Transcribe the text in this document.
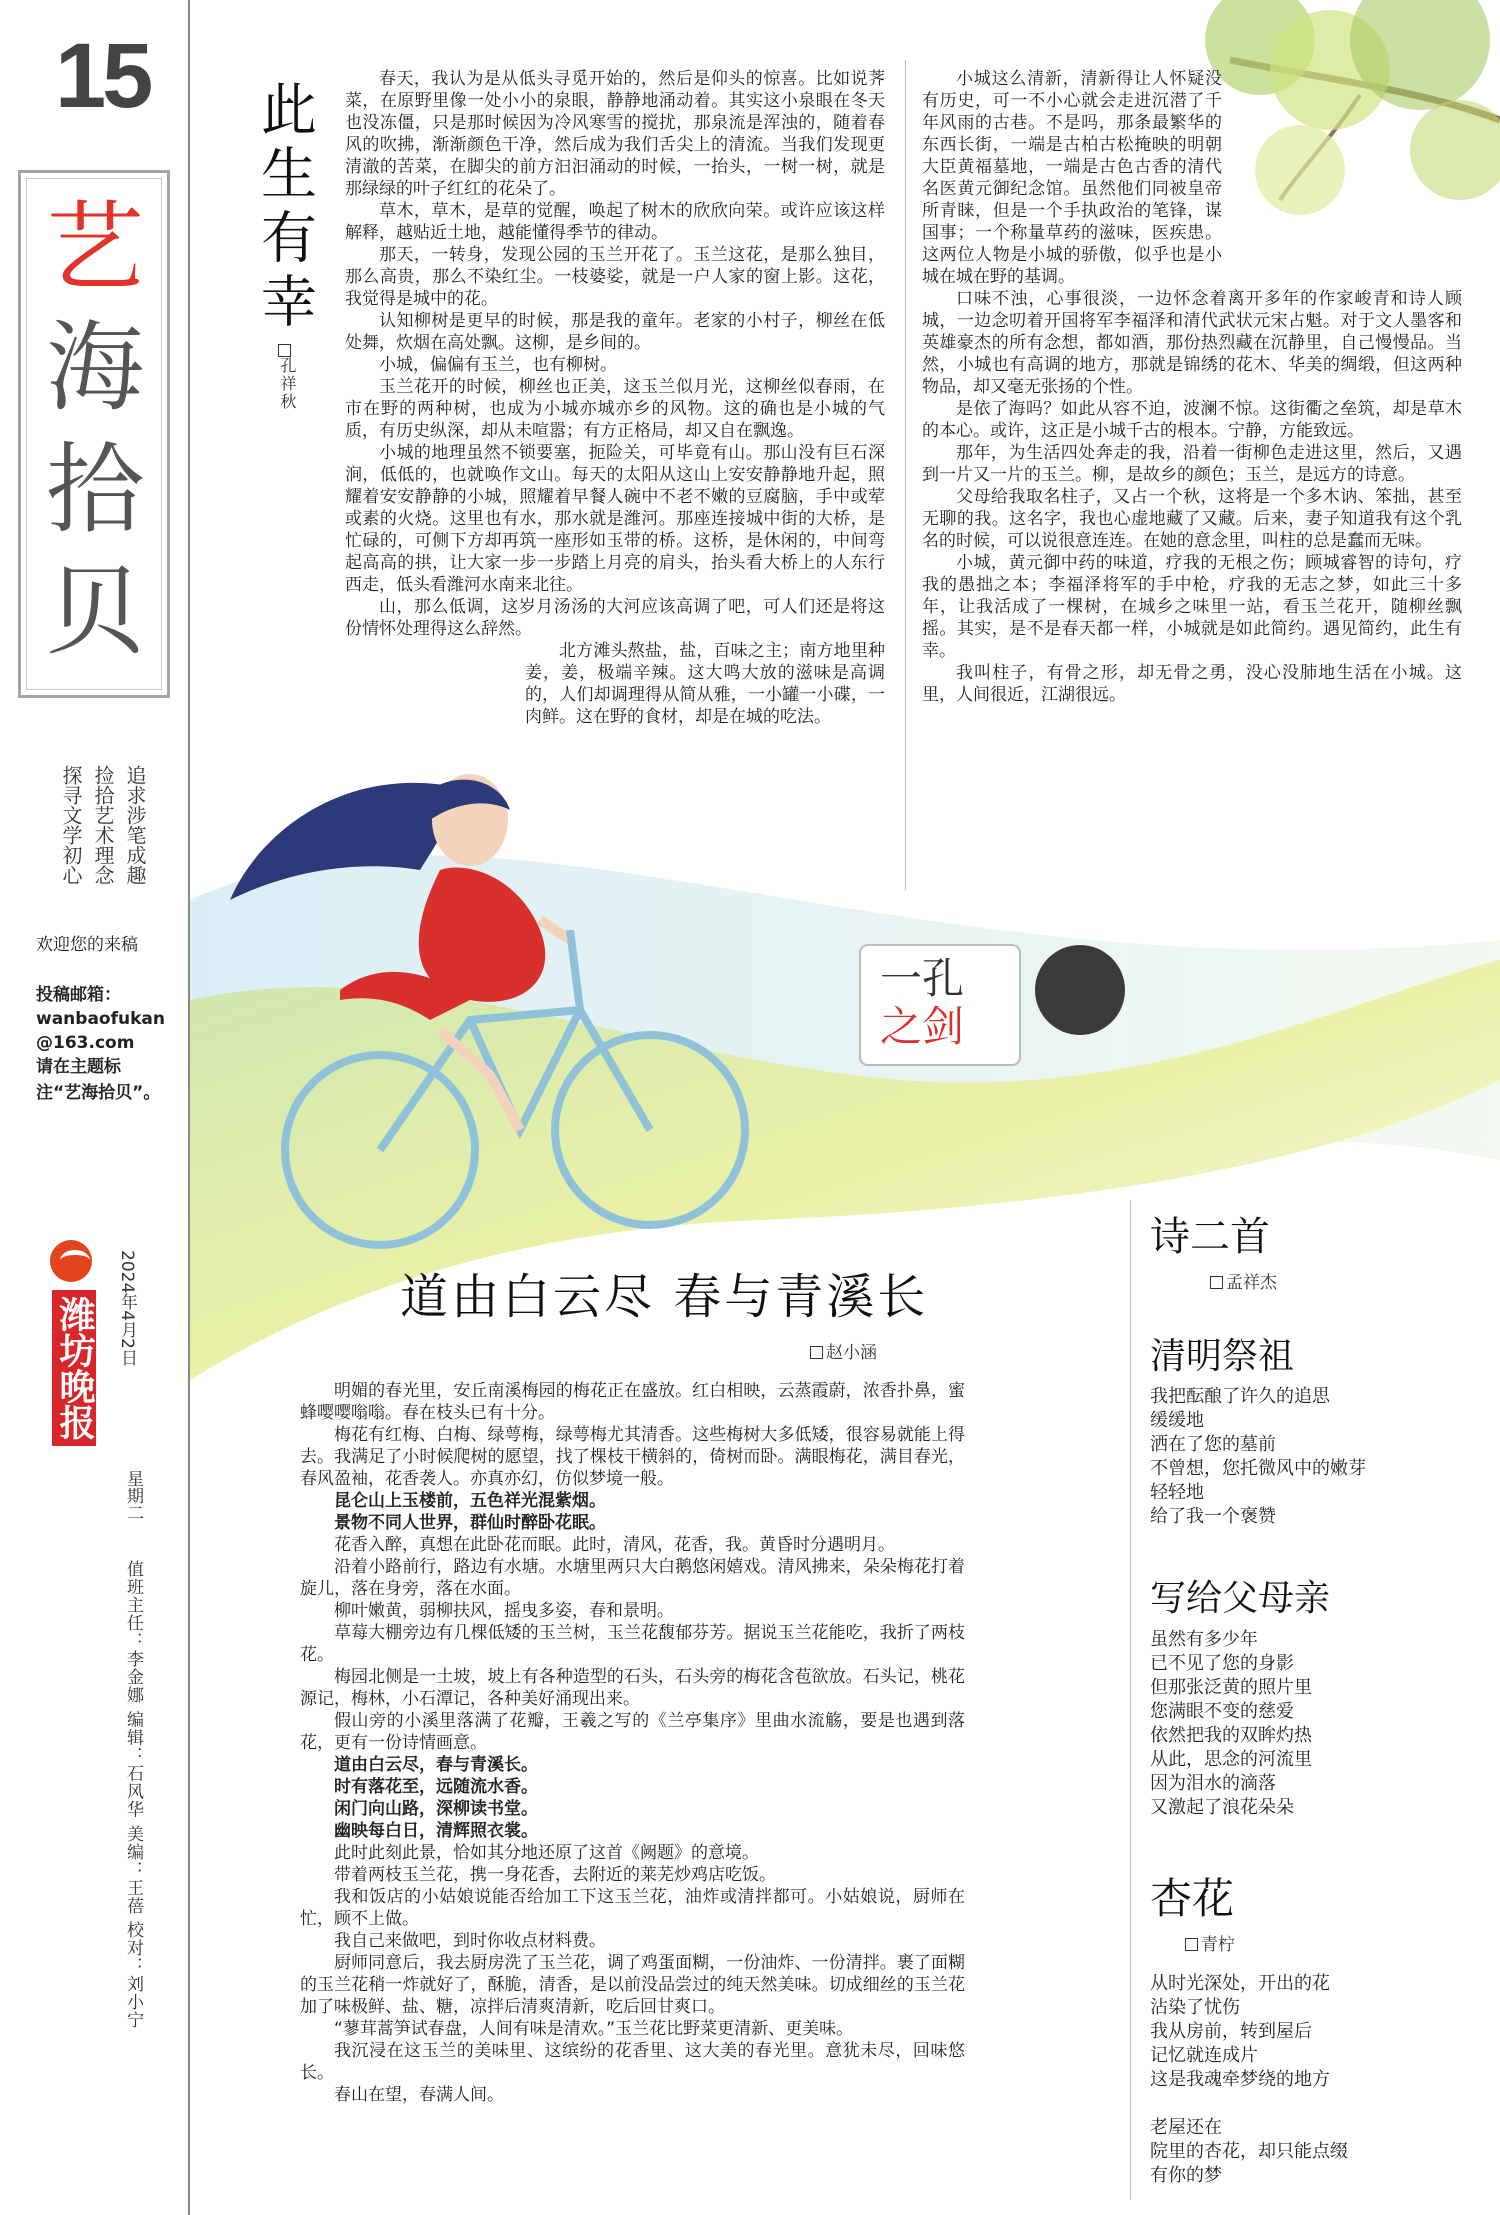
15
艺
海
拾
贝
追求涉笔成趣
捡拾艺术理念
探寻文学初心
欢迎您的来稿
投稿邮箱：
wanbaofukan
@163.com
请在主题标注“艺海拾贝”。
潍坊晚报 2024年4月2日
星期二
值班主任：李金娜 编辑：石风华 美编：王蓓 校对：刘小宁
此生有幸
孔祥秋

春天，我认为是从低头寻觅开始的，然后是仰头的惊喜。比如说荠菜，在原野里像一处小小的泉眼，静静地涌动着。其实这小泉眼在冬天也没冻僵，只是那时候因为冷风寒雪的搅扰，那泉流是浑浊的，随着春风的吹拂，渐渐颜色干净，然后成为我们舌尖上的清流。当我们发现更清澈的苦菜，在脚尖的前方汩汩涌动的时候，一抬头，一树一树，就是那绿绿的叶子红红的花朵了。

草木，草木，是草的觉醒，唤起了树木的欣欣向荣。或许应该这样解释，越贴近土地，越能懂得季节的律动。

那天，一转身，发现公园的玉兰开花了。玉兰这花，是那么独目，那么高贵，那么不染红尘。一枝婆娑，就是一户人家的窗上影。这花，我觉得是城中的花。

认知柳树是更早的时候，那是我的童年。老家的小村子，柳丝在低处舞，炊烟在高处飘。这柳，是乡间的。

小城，偏偏有玉兰，也有柳树。

玉兰花开的时候，柳丝也正美，这玉兰似月光，这柳丝似春雨，在市在野的两种树，也成为小城亦城亦乡的风物。这的确也是小城的气质，有历史纵深，却从未喧嚣；有方正格局，却又自在飘逸。

小城的地理虽然不锁要塞，扼险关，可毕竟有山。那山没有巨石深涧，低低的，也就唤作文山。每天的太阳从这山上安安静静地升起，照耀着安安静静的小城，照耀着早餐人碗中不老不嫩的豆腐脑，手中或荤或素的火烧。这里也有水，那水就是潍河。那座连接城中街的大桥，是忙碌的，可侧下方却再筑一座形如玉带的桥。这桥，是休闲的，中间弯起高高的拱，让大家一步一步踏上月亮的肩头，抬头看大桥上的人东行西走，低头看潍河水南来北往。

山，那么低调，这岁月汤汤的大河应该高调了吧，可人们还是将这份情怀处理得这么辞然。

北方滩头熬盐，盐，百味之主；南方地里种姜，姜，极端辛辣。这大鸣大放的滋味是高调的，人们却调理得从简从雅，一小罐一小碟，一肉鲜。这在野的食材，却是在城的吃法。

小城这么清新，清新得让人怀疑没有历史，可一不小心就会走进沉潜了千年风雨的古巷。不是吗，那条最繁华的东西长街，一端是古柏古松掩映的明朝大臣黄福墓地，一端是古色古香的清代名医黄元御纪念馆。虽然他们同被皇帝所青睐，但是一个手执政治的笔锋，谋国事；一个称量草药的滋味，医疾患。这两位人物是小城的骄傲，似乎也是小城在城在野的基调。

口味不浊，心事很淡，一边怀念着离开多年的作家峻青和诗人顾城，一边念叨着开国将军李福泽和清代武状元宋占魁。对于文人墨客和英雄豪杰的所有念想，都如酒，那份热烈藏在沉静里，自己慢慢品。当然，小城也有高调的地方，那就是锦绣的花木、华美的绸缎，但这两种物品，却又毫无张扬的个性。

是依了海吗？如此从容不迫，波澜不惊。这街衢之垒筑，却是草木的本心。或许，这正是小城千古的根本。宁静，方能致远。

那年，为生活四处奔走的我，沿着一街柳色走进这里，然后，又遇到一片又一片的玉兰。柳，是故乡的颜色；玉兰，是远方的诗意。

父母给我取名柱子，又占一个秋，这将是一个多木讷、笨拙，甚至无聊的我。这名字，我也心虚地藏了又藏。后来，妻子知道我有这个乳名的时候，可以说很意连连。在她的意念里，叫柱的总是蠢而无味。

小城，黄元御中药的味道，疗我的无根之伤；顾城睿智的诗句，疗我的愚拙之本；李福泽将军的手中枪，疗我的无志之梦，如此三十多年，让我活成了一棵树，在城乡之味里一站，看玉兰花开，随柳丝飘摇。其实，是不是春天都一样，小城就是如此简约。遇见简约，此生有幸。

我叫柱子，有骨之形，却无骨之勇，没心没肺地生活在小城。这里，人间很近，江湖很远。

一孔
之剑
道由白云尽 春与青溪长
赵小涵

明媚的春光里，安丘南溪梅园的梅花正在盛放。红白相映，云蒸霞蔚，浓香扑鼻，蜜蜂嘤嘤嗡嗡。春在枝头已有十分。

梅花有红梅、白梅、绿萼梅，绿萼梅尤其清香。这些梅树大多低矮，很容易就能上得去。我满足了小时候爬树的愿望，找了棵枝干横斜的，倚树而卧。满眼梅花，满目春光，春风盈袖，花香袭人。亦真亦幻，仿似梦境一般。

昆仑山上玉楼前，五色祥光混紫烟。

景物不同人世界，群仙时醉卧花眠。

花香入醉，真想在此卧花而眠。此时，清风，花香，我。黄昏时分遇明月。

沿着小路前行，路边有水塘。水塘里两只大白鹅悠闲嬉戏。清风拂来，朵朵梅花打着旋儿，落在身旁，落在水面。

柳叶嫩黄，弱柳扶风，摇曳多姿，春和景明。

草莓大棚旁边有几棵低矮的玉兰树，玉兰花馥郁芬芳。据说玉兰花能吃，我折了两枝花。

梅园北侧是一土坡，坡上有各种造型的石头，石头旁的梅花含苞欲放。石头记，桃花源记，梅林，小石潭记，各种美好涌现出来。

假山旁的小溪里落满了花瓣，王羲之写的《兰亭集序》里曲水流觞，要是也遇到落花，更有一份诗情画意。

道由白云尽，春与青溪长。

时有落花至，远随流水香。

闲门向山路，深柳读书堂。

幽映每白日，清辉照衣裳。

此时此刻此景，恰如其分地还原了这首《阙题》的意境。

带着两枝玉兰花，携一身花香，去附近的莱芜炒鸡店吃饭。

我和饭店的小姑娘说能否给加工下这玉兰花，油炸或清拌都可。小姑娘说，厨师在忙，顾不上做。

我自己来做吧，到时你收点材料费。

厨师同意后，我去厨房洗了玉兰花，调了鸡蛋面糊，一份油炸、一份清拌。裹了面糊的玉兰花稍一炸就好了，酥脆，清香，是以前没品尝过的纯天然美味。切成细丝的玉兰花加了味极鲜、盐、糖，凉拌后清爽清新，吃后回甘爽口。

“蓼茸蒿笋试春盘，人间有味是清欢。”玉兰花比野菜更清新、更美味。

我沉浸在这玉兰的美味里、这缤纷的花香里、这大美的春光里。意犹未尽，回味悠长。

春山在望，春满人间。

诗二首
孟祥杰
清明祭祖
我把酝酿了许久的追思
缓缓地
洒在了您的墓前
不曾想，您托微风中的嫩芽
轻轻地
给了我一个褒赞
写给父母亲
虽然有多少年
已不见了您的身影
但那张泛黄的照片里
您满眼不变的慈爱
依然把我的双眸灼热
从此，思念的河流里
因为泪水的滴落
又激起了浪花朵朵
杏花
青柠
从时光深处，开出的花
沾染了忧伤
我从房前，转到屋后
记忆就连成片
这是我魂牵梦绕的地方
老屋还在
院里的杏花，却只能点缀
有你的梦
